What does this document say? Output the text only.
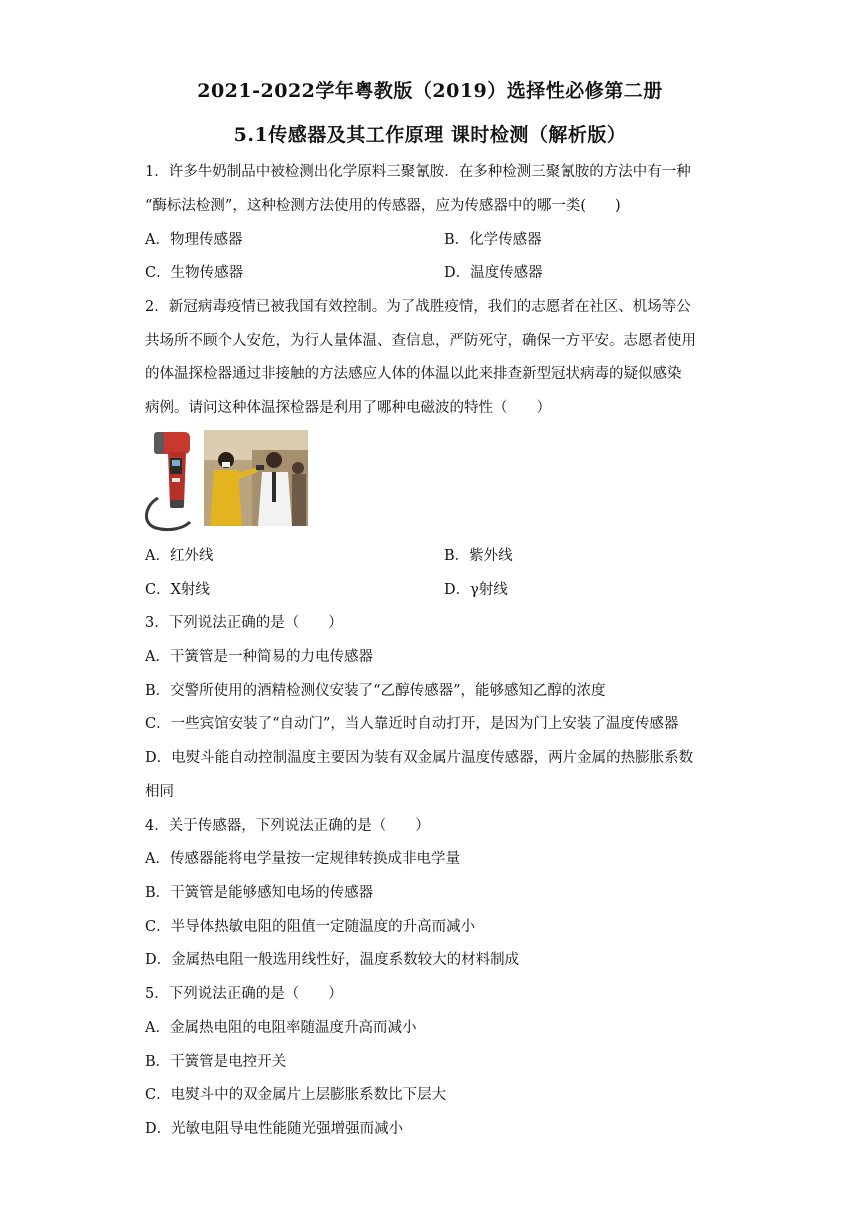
2021-2022学年粤教版（2019）选择性必修第二册
5.1传感器及其工作原理 课时检测（解析版）
1．许多牛奶制品中被检测出化学原料三聚氰胺．在多种检测三聚氰胺的方法中有一种
“酶标法检测”，这种检测方法使用的传感器，应为传感器中的哪一类(　　)
A．物理传感器	B．化学传感器
C．生物传感器	D．温度传感器
2．新冠病毒疫情已被我国有效控制。为了战胜疫情，我们的志愿者在社区、机场等公
共场所不顾个人安危，为行人量体温、查信息，严防死守，确保一方平安。志愿者使用
的体温探检器通过非接触的方法感应人体的体温以此来排查新型冠状病毒的疑似感染
病例。请问这种体温探检器是利用了哪种电磁波的特性（　　）
A．红外线	B．紫外线
C．X射线	D．γ射线
3．下列说法正确的是（　　）
A．干簧管是一种简易的力电传感器
B．交警所使用的酒精检测仪安装了“乙醇传感器”，能够感知乙醇的浓度
C．一些宾馆安装了“自动门”，当人靠近时自动打开，是因为门上安装了温度传感器
D．电熨斗能自动控制温度主要因为装有双金属片温度传感器，两片金属的热膨胀系数
相同
4．关于传感器，下列说法正确的是（　　）
A．传感器能将电学量按一定规律转换成非电学量
B．干簧管是能够感知电场的传感器
C．半导体热敏电阻的阻值一定随温度的升高而减小
D．金属热电阻一般选用线性好，温度系数较大的材料制成
5．下列说法正确的是（　　）
A．金属热电阻的电阻率随温度升高而减小
B．干簧管是电控开关
C．电熨斗中的双金属片上层膨胀系数比下层大
D．光敏电阻导电性能随光强增强而减小
